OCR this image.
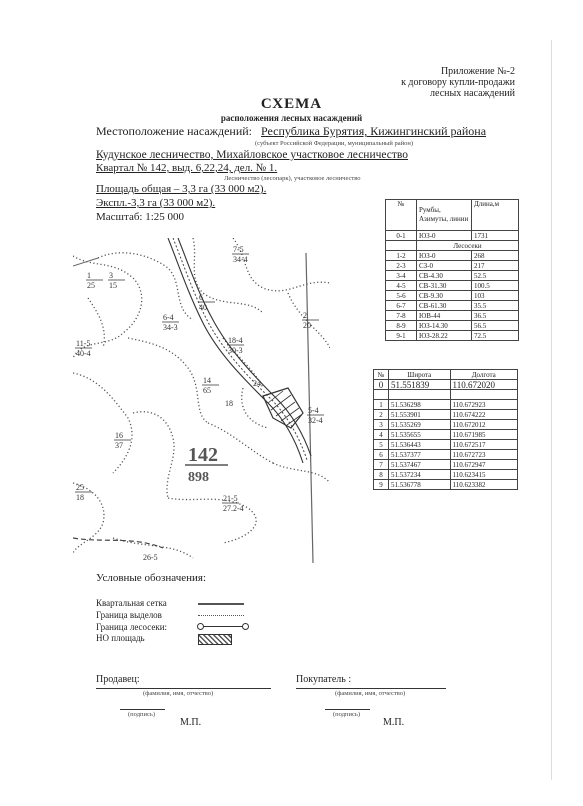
Приложение №-2
к договору купли-продажи
лесных насаждений
СХЕМА
расположения лесных насаждений
Местоположение насаждений: Республика Бурятия, Кижингинский района
(субъект Российской Федерации, муниципальный район)
Кудунское лесничество, Михайловское участковое лесничество
Лесничество (лесопарк), участковое лесничество
Квартал № 142, выд. 6,22,24, дел. № 1.
Площадь общая – 3,3 га (33 000 м2).
Экспл.-3,3 га (33 000 м2).
Масштаб: 1:25 000
№	Румбы, Азимуты, линии	Длина,м
0-1	ЮЗ-0	1731
	Лесосеки	
1-2	ЮЗ-0	268
2-3	СЗ-0	217
3-4	СВ-4.30	52.5
4-5	СВ-31.30	100.5
5-6	СВ-9.30	103
6-7	СВ-61.30	35.5
7-8	ЮВ-44	36.5
8-9	ЮЗ-14.30	56.5
9-1	ЮЗ-28.22	72.5
№	Широта	Долгота
0	51.551839	110.672020

1	51.536298	110.672923
2	51.553901	110.674222
3	51.535269	110.672012
4	51.535655	110.671985
5	51.536443	110.672517
6	51.537377	110.672723
7	51.537467	110.672947
8	51.537234	110.623415
9	51.536778	110.623382
142
898
1
25
3
15
7-5
34-4
6
40
2
20
6-4
34-3
11-5
40-4
18-4
30-3
14
65
16
37
24
21-5
27.2-4
26-5
5-4
32-4
18
25
18
Условные обозначения:
Квартальная сетка
Граница выделов
Граница лесосеки:
НО площадь
Продавец:	Покупатель :
(фамилия, имя, отчество)	(фамилия, имя, отчество)
(подпись)	(подпись)
М.П.	М.П.
